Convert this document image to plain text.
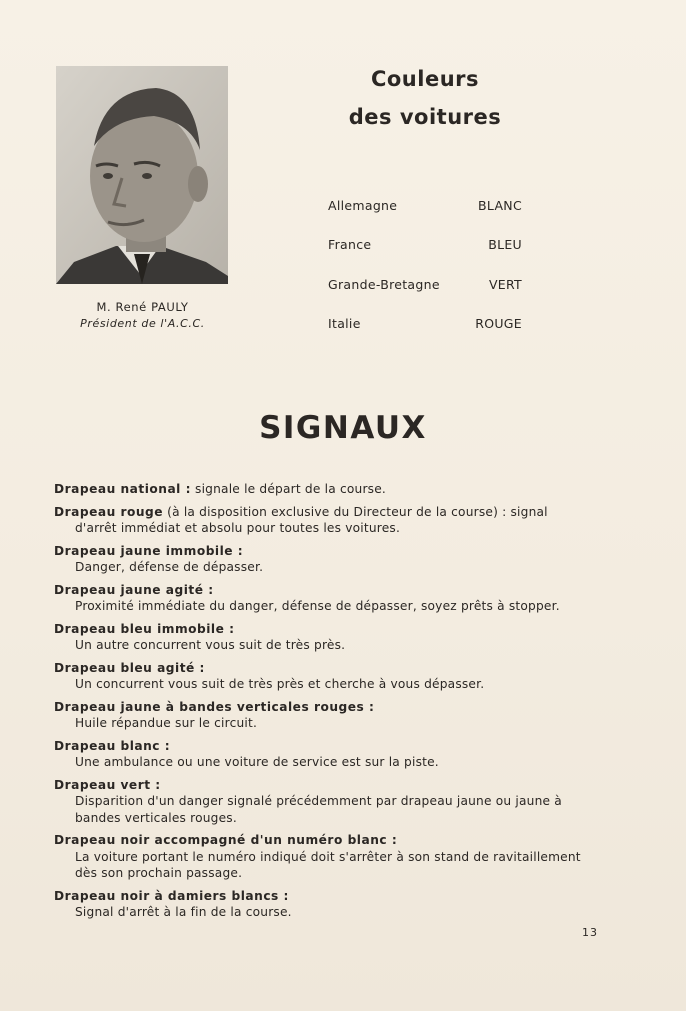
M. René PAULY
Président de l'A.C.C.
Couleurs
des voitures
Allemagne	BLANC
France	BLEU
Grande-Bretagne	VERT
Italie	ROUGE
SIGNAUX
Drapeau national : signale le départ de la course.
Drapeau rouge (à la disposition exclusive du Directeur de la course) : signal
d'arrêt immédiat et absolu pour toutes les voitures.
Drapeau jaune immobile :
Danger, défense de dépasser.
Drapeau jaune agité :
Proximité immédiate du danger, défense de dépasser, soyez prêts à stopper.
Drapeau bleu immobile :
Un autre concurrent vous suit de très près.
Drapeau bleu agité :
Un concurrent vous suit de très près et cherche à vous dépasser.
Drapeau jaune à bandes verticales rouges :
Huile répandue sur le circuit.
Drapeau blanc :
Une ambulance ou une voiture de service est sur la piste.
Drapeau vert :
Disparition d'un danger signalé précédemment par drapeau jaune ou jaune à bandes verticales rouges.
Drapeau noir accompagné d'un numéro blanc :
La voiture portant le numéro indiqué doit s'arrêter à son stand de ravitaillement dès son prochain passage.
Drapeau noir à damiers blancs :
Signal d'arrêt à la fin de la course.
13
